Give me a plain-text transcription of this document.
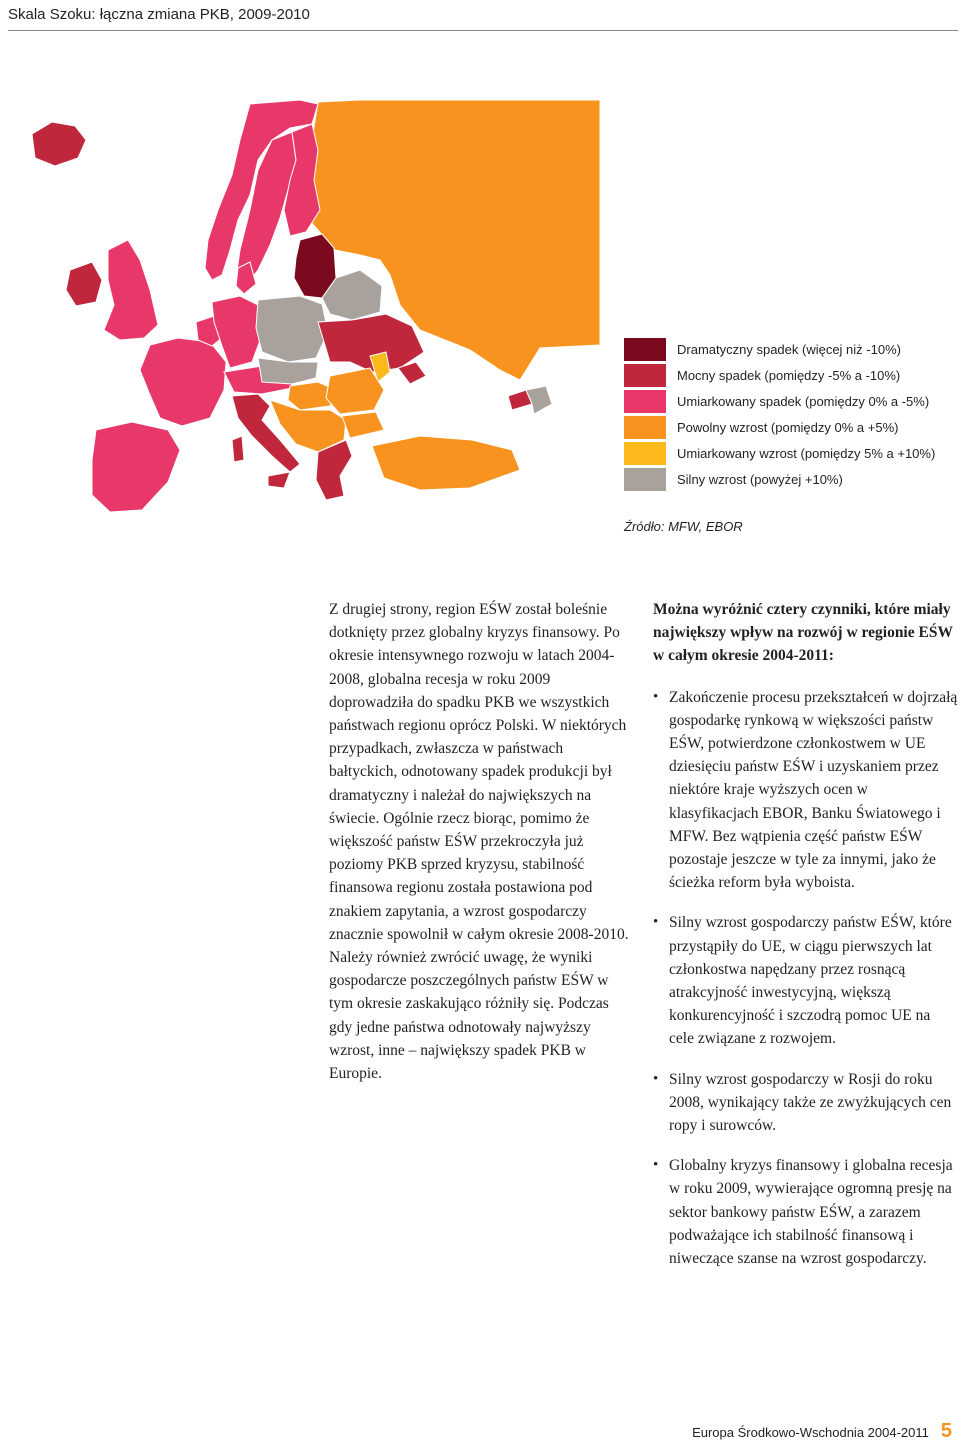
Skala Szoku: łączna zmiana PKB, 2009-2010
Dramatyczny spadek (więcej niż -10%)
Mocny spadek (pomiędzy -5% a -10%)
Umiarkowany spadek (pomiędzy 0% a -5%)
Powolny wzrost (pomiędzy 0% a +5%)
Umiarkowany wzrost (pomiędzy 5% a +10%)
Silny wzrost (powyżej +10%)
Źródło: MFW, EBOR

Z drugiej strony, region EŚW został boleśnie dotknięty przez globalny kryzys finansowy. Po okresie intensywnego rozwoju w latach 2004-2008, globalna recesja w roku 2009 doprowadziła do spadku PKB we wszystkich państwach regionu oprócz Polski. W niektórych przypadkach, zwłaszcza w państwach bałtyckich, odnotowany spadek produkcji był dramatyczny i należał do największych na świecie. Ogólnie rzecz biorąc, pomimo że większość państw EŚW przekroczyła już poziomy PKB sprzed kryzysu, stabilność finansowa regionu została postawiona pod znakiem zapytania, a wzrost gospodarczy znacznie spowolnił w całym okresie 2008-2010. Należy również zwrócić uwagę, że wyniki gospodarcze poszczególnych państw EŚW w tym okresie zaskakująco różniły się. Podczas gdy jedne państwa odnotowały najwyższy wzrost, inne – największy spadek PKB w Europie.

Można wyróżnić cztery czynniki, które miały największy wpływ na rozwój w regionie EŚW w całym okresie 2004-2011:

• Zakończenie procesu przekształceń w dojrzałą gospodarkę rynkową w większości państw EŚW, potwierdzone członkostwem w UE dziesięciu państw EŚW i uzyskaniem przez niektóre kraje wyższych ocen w klasyfikacjach EBOR, Banku Światowego i MFW. Bez wątpienia część państw EŚW pozostaje jeszcze w tyle za innymi, jako że ścieżka reform była wyboista.
• Silny wzrost gospodarczy państw EŚW, które przystąpiły do UE, w ciągu pierwszych lat członkostwa napędzany przez rosnącą atrakcyjność inwestycyjną, większą konkurencyjność i szczodrą pomoc UE na cele związane z rozwojem.
• Silny wzrost gospodarczy w Rosji do roku 2008, wynikający także ze zwyżkujących cen ropy i surowców.
• Globalny kryzys finansowy i globalna recesja w roku 2009, wywierające ogromną presję na sektor bankowy państw EŚW, a zarazem podważające ich stabilność finansową i niweczące szanse na wzrost gospodarczy.
Europa Środkowo-Wschodnia 2004-2011 5
